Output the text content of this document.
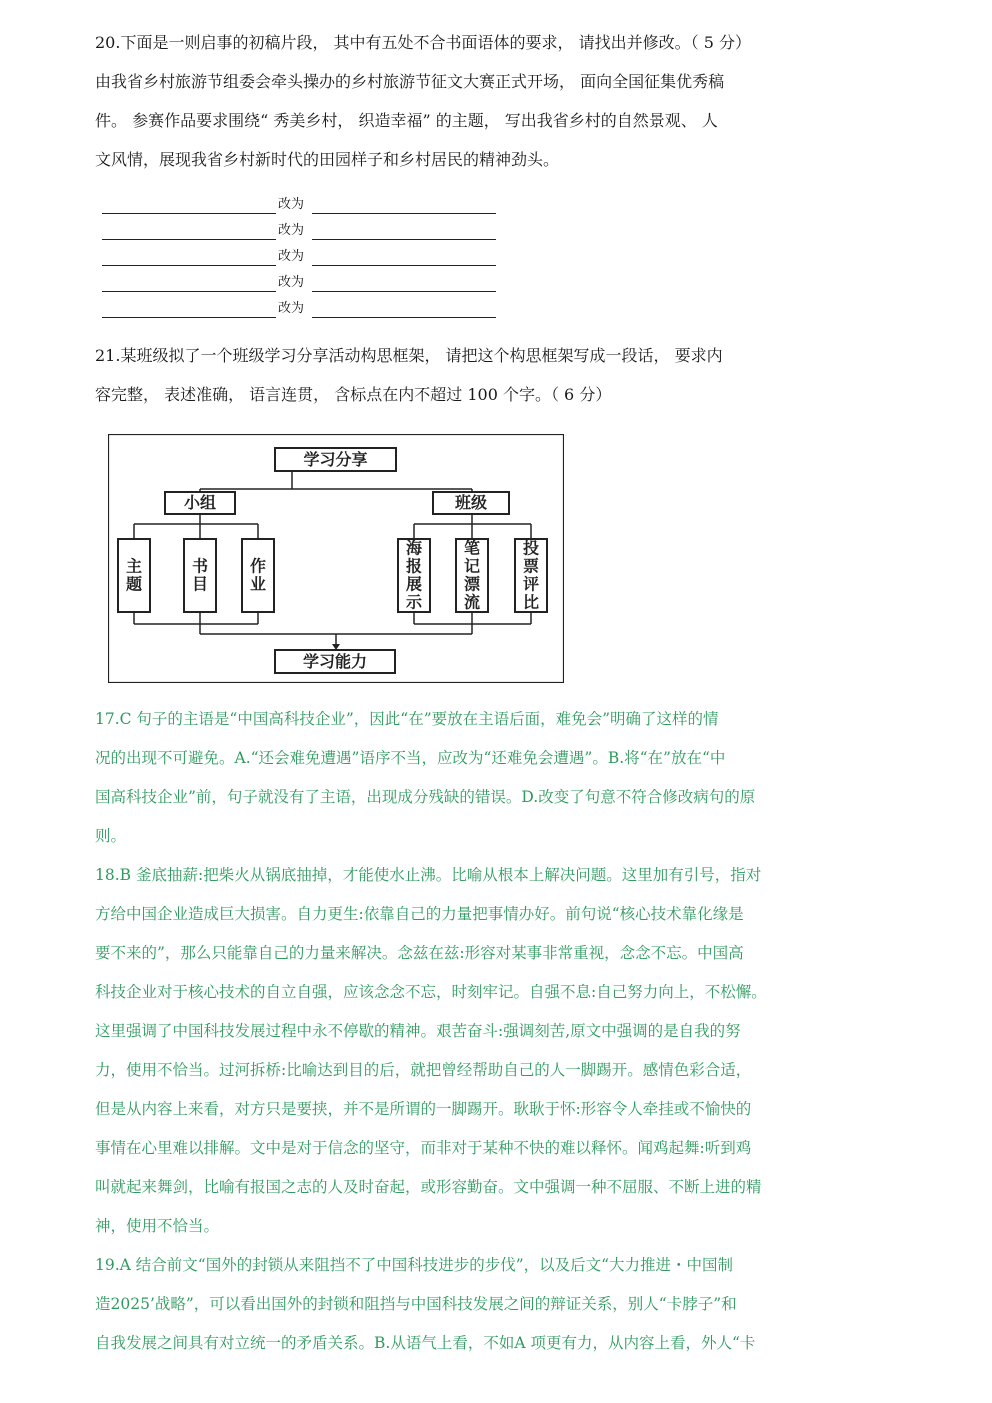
20.下面是一则启事的初稿片段， 其中有五处不合书面语体的要求， 请找出并修改。（ 5 分）
由我省乡村旅游节组委会牵头操办的乡村旅游节征文大赛正式开场， 面向全国征集优秀稿
件。 参赛作品要求围绕“ 秀美乡村， 织造幸福” 的主题， 写出我省乡村的自然景观、 人
文风情，展现我省乡村新时代的田园样子和乡村居民的精神劲头。
改为
改为
改为
改为
改为
21.某班级拟了一个班级学习分享活动构思框架， 请把这个构思框架写成一段话， 要求内
容完整， 表述准确， 语言连贯， 含标点在内不超过 100 个字。（ 6 分）
学习分享
小组	班级
主题
书目
作业
海报展示
笔记漂流
投票评比
学习能力
17.C 句子的主语是“中国高科技企业”，因此“在”要放在主语后面，难免会”明确了这样的情
况的出现不可避免。A.“还会难免遭遇”语序不当，应改为“还难免会遭遇”。B.将“在”放在“中
国高科技企业”前，句子就没有了主语，出现成分残缺的错误。D.改变了句意不符合修改病句的原
则。
18.B 釜底抽薪:把柴火从锅底抽掉，才能使水止沸。比喻从根本上解决问题。这里加有引号，指对
方给中国企业造成巨大损害。自力更生:依靠自己的力量把事情办好。前句说“核心技术靠化缘是
要不来的”，那么只能靠自己的力量来解决。念兹在兹:形容对某事非常重视，念念不忘。中国高
科技企业对于核心技术的自立自强，应该念念不忘，时刻牢记。自强不息:自己努力向上，不松懈。
这里强调了中国科技发展过程中永不停歇的精神。艰苦奋斗:强调刻苦,原文中强调的是自我的努
力，使用不恰当。过河拆桥:比喻达到目的后，就把曾经帮助自己的人一脚踢开。感情色彩合适，
但是从内容上来看，对方只是要挟，并不是所谓的一脚踢开。耿耿于怀:形容令人牵挂或不愉快的
事情在心里难以排解。文中是对于信念的坚守，而非对于某种不快的难以释怀。闻鸡起舞:听到鸡
叫就起来舞剑，比喻有报国之志的人及时奋起，或形容勤奋。文中强调一种不屈服、不断上进的精
神，使用不恰当。
19.A 结合前文“国外的封锁从来阻挡不了中国科技进步的步伐”，以及后文“大力推进・中国制
造2025’战略”，可以看出国外的封锁和阻挡与中国科技发展之间的辩证关系，别人“卡脖子”和
自我发展之间具有对立统一的矛盾关系。B.从语气上看，不如A 项更有力，从内容上看，外人“卡
